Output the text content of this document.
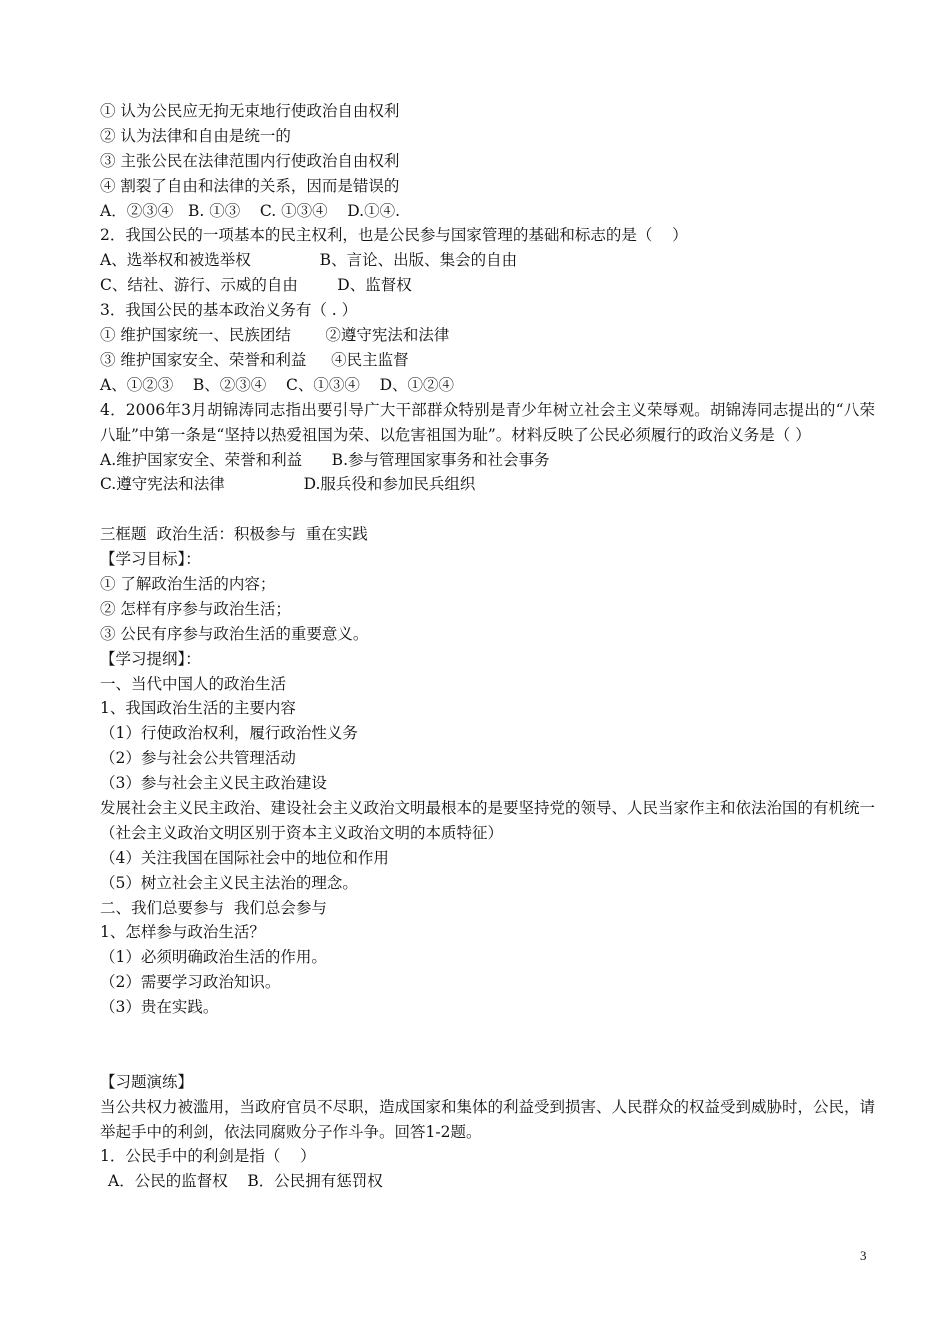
① 认为公民应无拘无束地行使政治自由权利
② 认为法律和自由是统一的
③ 主张公民在法律范围内行使政治自由权利
④ 割裂了自由和法律的关系，因而是错误的
A．②③④   B. ①③    C. ①③④    D.①④.
2．我国公民的一项基本的民主权利，也是公民参与国家管理的基础和标志的是（    ）
A、选举权和被选举权              B、言论、出版、集会的自由
C、结社、游行、示威的自由        D、监督权
3．我国公民的基本政治义务有（ . ）
① 维护国家统一、民族团结       ②遵守宪法和法律
③ 维护国家安全、荣誉和利益     ④民主监督
A、①②③    B、②③④    C、①③④    D、①②④
4．2006年3月胡锦涛同志指出要引导广大干部群众特别是青少年树立社会主义荣辱观。胡锦涛同志提出的“八荣八耻”中第一条是“坚持以热爱祖国为荣、以危害祖国为耻”。材料反映了公民必须履行的政治义务是（ ）
A.维护国家安全、荣誉和利益      B.参与管理国家事务和社会事务
C.遵守宪法和法律                D.服兵役和参加民兵组织
三框题  政治生活：积极参与  重在实践
【学习目标】：
① 了解政治生活的内容；
② 怎样有序参与政治生活；
③ 公民有序参与政治生活的重要意义。
【学习提纲】：
一、当代中国人的政治生活
1、我国政治生活的主要内容
（1）行使政治权利，履行政治性义务
（2）参与社会公共管理活动
（3）参与社会主义民主政治建设
发展社会主义民主政治、建设社会主义政治文明最根本的是要坚持党的领导、人民当家作主和依法治国的有机统一
（社会主义政治文明区别于资本主义政治文明的本质特征）
（4）关注我国在国际社会中的地位和作用
（5）树立社会主义民主法治的理念。
二、我们总要参与  我们总会参与
1、怎样参与政治生活？
（1）必须明确政治生活的作用。
（2）需要学习政治知识。
（3）贵在实践。
【习题演练】
当公共权力被滥用，当政府官员不尽职，造成国家和集体的利益受到损害、人民群众的权益受到威胁时，公民，请举起手中的利剑，依法同腐败分子作斗争。回答1-2题。
1．公民手中的利剑是指（    ）
A．公民的监督权    B．公民拥有惩罚权
3
